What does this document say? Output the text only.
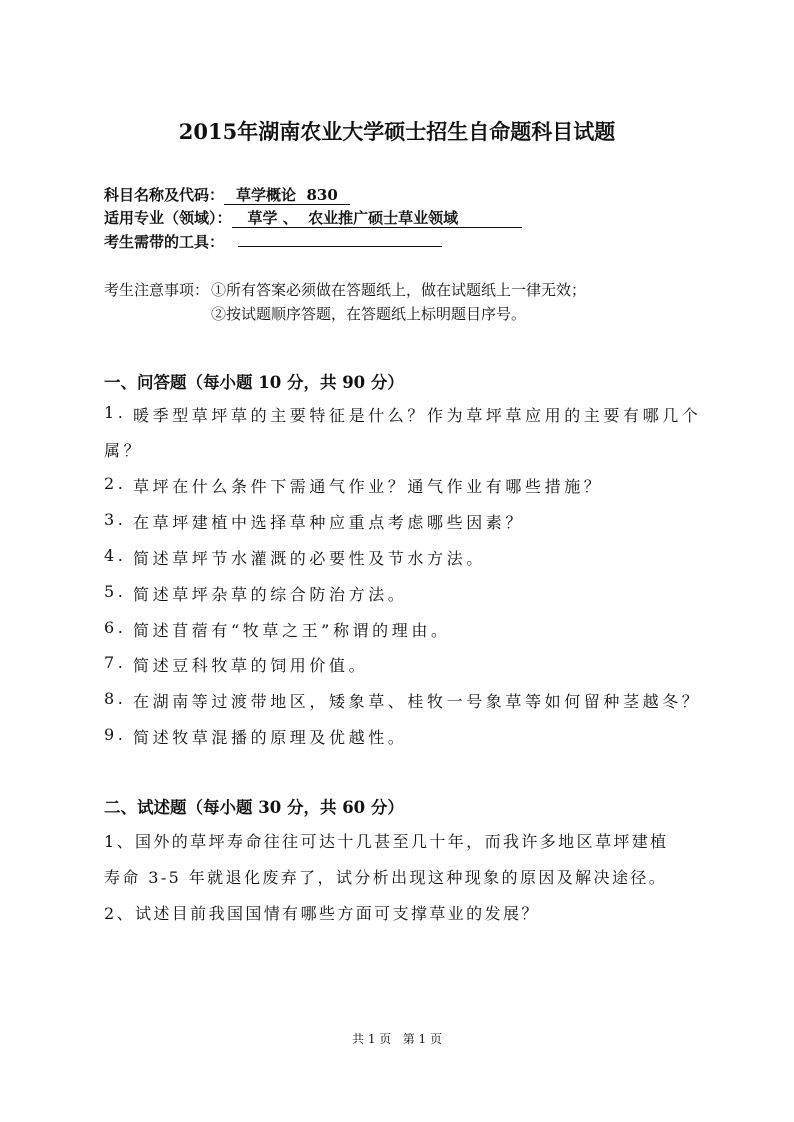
2015年湖南农业大学硕士招生自命题科目试题
科目名称及代码： 草学概论  830
适用专业（领域）： 草学 、  农业推广硕士草业领域
考生需带的工具：
考生注意事项： ①所有答案必须做在答题纸上，做在试题纸上一律无效；
②按试题顺序答题，在答题纸上标明题目序号。
一、问答题（每小题 10 分，共 90 分）
1. 暖季型草坪草的主要特征是什么？作为草坪草应用的主要有哪几个
属？
2. 草坪在什么条件下需通气作业？通气作业有哪些措施？
3. 在草坪建植中选择草种应重点考虑哪些因素？
4. 简述草坪节水灌溉的必要性及节水方法。
5. 简述草坪杂草的综合防治方法。
6. 简述苜蓿有“牧草之王”称谓的理由。
7. 简述豆科牧草的饲用价值。
8. 在湖南等过渡带地区，矮象草、桂牧一号象草等如何留种茎越冬？
9. 简述牧草混播的原理及优越性。
二、试述题（每小题 30 分，共 60 分）
1、国外的草坪寿命往往可达十几甚至几十年，而我许多地区草坪建植
寿命 3-5 年就退化废弃了，试分析出现这种现象的原因及解决途径。
2、试述目前我国国情有哪些方面可支撑草业的发展？
共 1 页   第 1 页
